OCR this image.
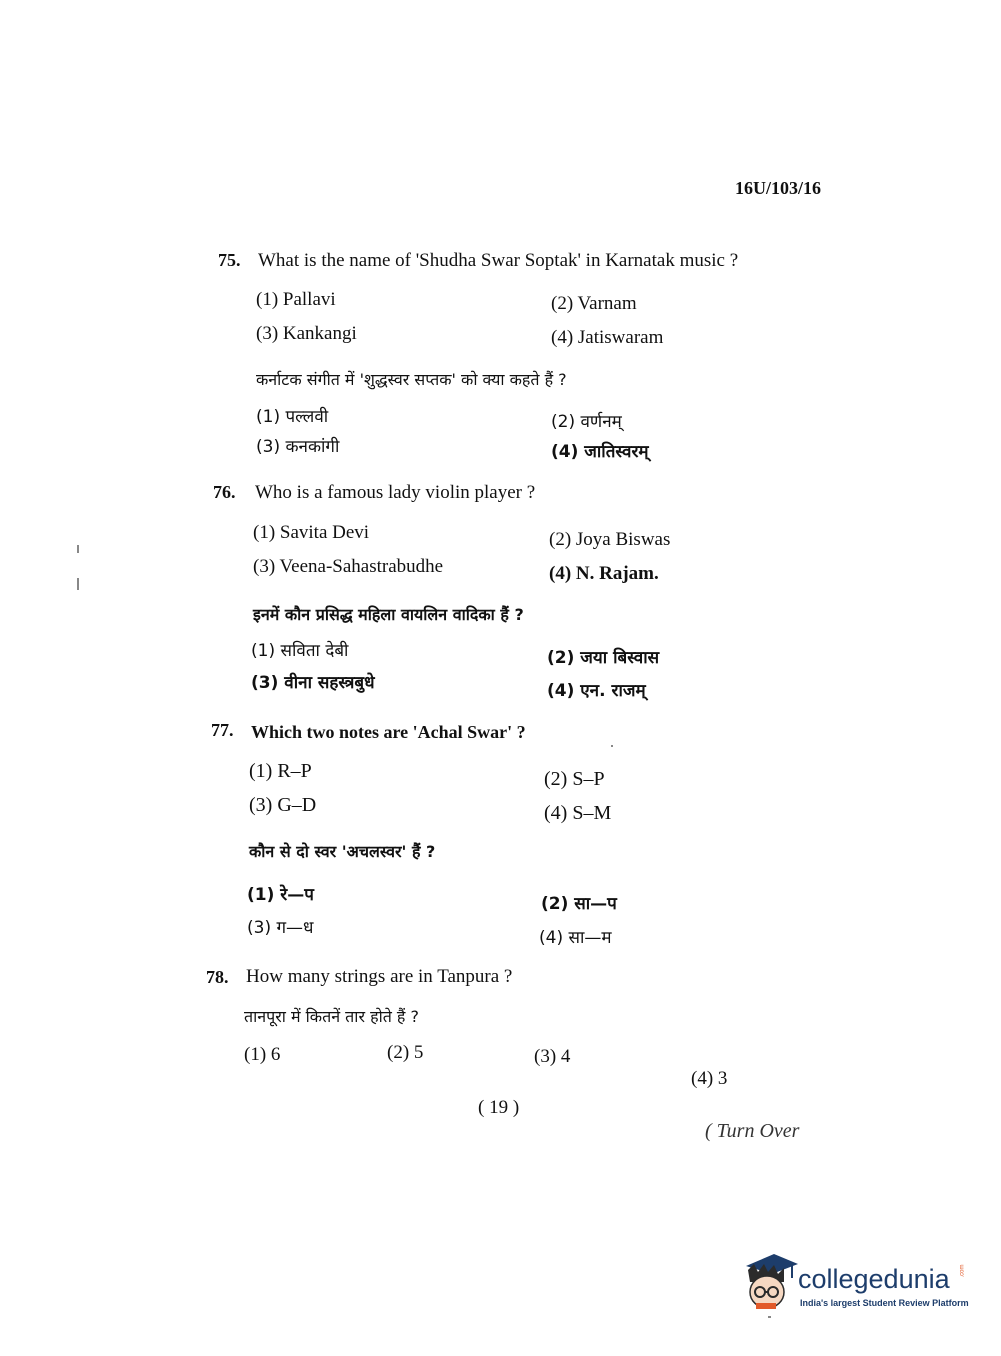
16U/103/16
75. What is the name of 'Shudha Swar Soptak' in Karnatak music ?
(1) Pallavi	(2) Varnam
(3) Kankangi	(4) Jatiswaram
कर्नाटक संगीत में 'शुद्धस्वर सप्तक' को क्या कहते हैं ?
(1) पल्लवी	(2) वर्णनम्
(3) कनकांगी	(4) जातिस्वरम्
76. Who is a famous lady violin player ?
(1) Savita Devi	(2) Joya Biswas
(3) Veena-Sahastrabudhe	(4) N. Rajam.
इनमें कौन प्रसिद्ध महिला वायलिन वादिका हैं ?
(1) सविता देबी	(2) जया बिस्वास
(3) वीना सहस्त्रबुधे	(4) एन. राजम्
77. Which two notes are 'Achal Swar' ?
(1) R–P	(2) S–P
(3) G–D	(4) S–M
कौन से दो स्वर 'अचलस्वर' हैं ?
(1) रे—प	(2) सा—प
(3) ग—ध	(4) सा—म
78. How many strings are in Tanpura ?
तानपूरा में कितनें तार होते हैं ?
(1) 6	(2) 5	(3) 4
(4) 3
( 19 )
( Turn Over
collegedunia .com
India's largest Student Review Platform
